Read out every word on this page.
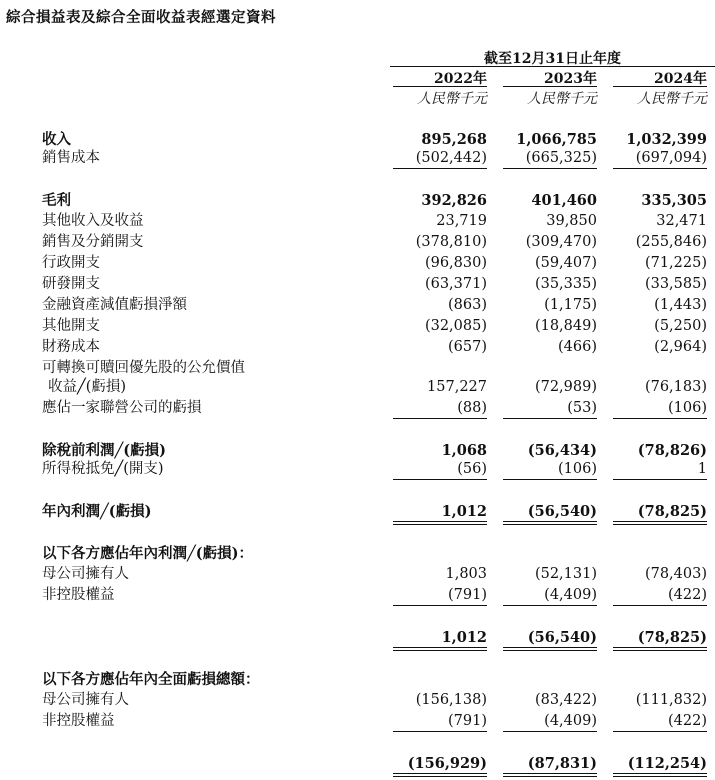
綜合損益表及綜合全面收益表經選定資料
截至12月31日止年度
2022年	2023年	2024年
人民幣千元	人民幣千元	人民幣千元
收入	895,268	1,066,785	1,032,399
銷售成本	(502,442)	(665,325)	(697,094)
毛利	392,826	401,460	335,305
其他收入及收益	23,719	39,850	32,471
銷售及分銷開支	(378,810)	(309,470)	(255,846)
行政開支	(96,830)	(59,407)	(71,225)
研發開支	(63,371)	(35,335)	(33,585)
金融資產減值虧損淨額	(863)	(1,175)	(1,443)
其他開支	(32,085)	(18,849)	(5,250)
財務成本	(657)	(466)	(2,964)
可轉換可贖回優先股的公允價值
收益╱(虧損)	157,227	(72,989)	(76,183)
應佔一家聯營公司的虧損	(88)	(53)	(106)
除稅前利潤╱(虧損)	1,068	(56,434)	(78,826)
所得稅抵免╱(開支)	(56)	(106)	1
年內利潤╱(虧損)	1,012	(56,540)	(78,825)
以下各方應佔年內利潤╱(虧損)：
母公司擁有人	1,803	(52,131)	(78,403)
非控股權益	(791)	(4,409)	(422)
1,012	(56,540)	(78,825)
以下各方應佔年內全面虧損總額：
母公司擁有人	(156,138)	(83,422)	(111,832)
非控股權益	(791)	(4,409)	(422)
(156,929)	(87,831)	(112,254)
